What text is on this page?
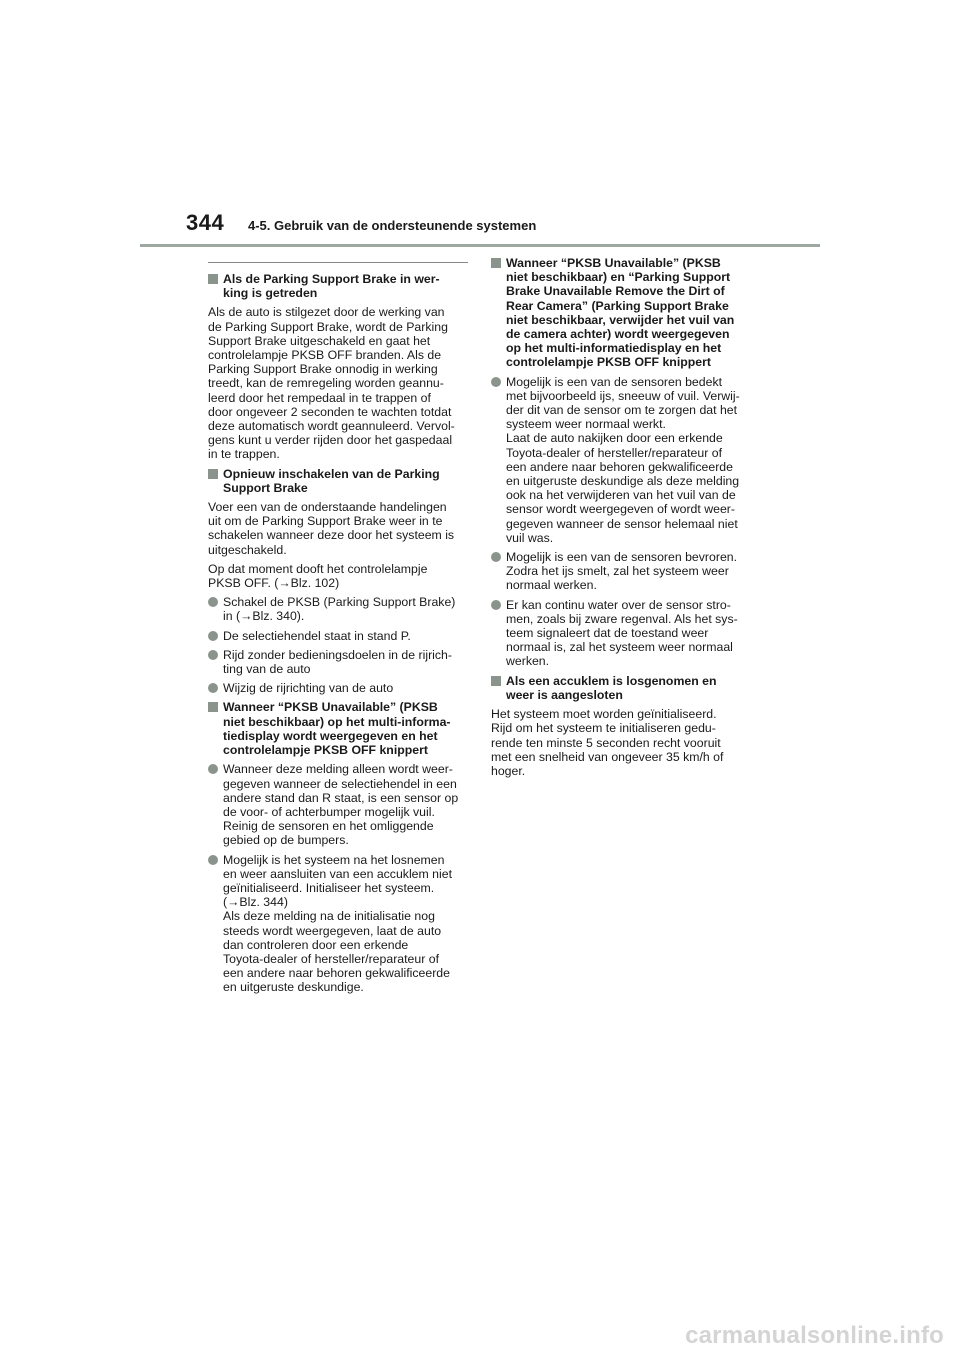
344 4-5. Gebruik van de ondersteunende systemen
Als de Parking Support Brake in wer-
king is getreden
Als de auto is stilgezet door de werking van
de Parking Support Brake, wordt de Parking
Support Brake uitgeschakeld en gaat het
controlelampje PKSB OFF branden. Als de
Parking Support Brake onnodig in werking
treedt, kan de remregeling worden geannu-
leerd door het rempedaal in te trappen of
door ongeveer 2 seconden te wachten totdat
deze automatisch wordt geannuleerd. Vervol-
gens kunt u verder rijden door het gaspedaal
in te trappen.
Opnieuw inschakelen van de Parking
Support Brake
Voer een van de onderstaande handelingen
uit om de Parking Support Brake weer in te
schakelen wanneer deze door het systeem is
uitgeschakeld.
Op dat moment dooft het controlelampje
PKSB OFF. (→Blz. 102)
Schakel de PKSB (Parking Support Brake)
in (→Blz. 340).
De selectiehendel staat in stand P.
Rijd zonder bedieningsdoelen in de rijrich-
ting van de auto
Wijzig de rijrichting van de auto
Wanneer “PKSB Unavailable” (PKSB
niet beschikbaar) op het multi-informa-
tiedisplay wordt weergegeven en het
controlelampje PKSB OFF knippert
Wanneer deze melding alleen wordt weer-
gegeven wanneer de selectiehendel in een
andere stand dan R staat, is een sensor op
de voor- of achterbumper mogelijk vuil.
Reinig de sensoren en het omliggende
gebied op de bumpers.
Mogelijk is het systeem na het losnemen
en weer aansluiten van een accuklem niet
geïnitialiseerd. Initialiseer het systeem.
(→Blz. 344)
Als deze melding na de initialisatie nog
steeds wordt weergegeven, laat de auto
dan controleren door een erkende
Toyota-dealer of hersteller/reparateur of
een andere naar behoren gekwalificeerde
en uitgeruste deskundige.
Wanneer “PKSB Unavailable” (PKSB
niet beschikbaar) en “Parking Support
Brake Unavailable Remove the Dirt of
Rear Camera” (Parking Support Brake
niet beschikbaar, verwijder het vuil van
de camera achter) wordt weergegeven
op het multi-informatiedisplay en het
controlelampje PKSB OFF knippert
Mogelijk is een van de sensoren bedekt
met bijvoorbeeld ijs, sneeuw of vuil. Verwij-
der dit van de sensor om te zorgen dat het
systeem weer normaal werkt.
Laat de auto nakijken door een erkende
Toyota-dealer of hersteller/reparateur of
een andere naar behoren gekwalificeerde
en uitgeruste deskundige als deze melding
ook na het verwijderen van het vuil van de
sensor wordt weergegeven of wordt weer-
gegeven wanneer de sensor helemaal niet
vuil was.
Mogelijk is een van de sensoren bevroren.
Zodra het ijs smelt, zal het systeem weer
normaal werken.
Er kan continu water over de sensor stro-
men, zoals bij zware regenval. Als het sys-
teem signaleert dat de toestand weer
normaal is, zal het systeem weer normaal
werken.
Als een accuklem is losgenomen en
weer is aangesloten
Het systeem moet worden geïnitialiseerd.
Rijd om het systeem te initialiseren gedu-
rende ten minste 5 seconden recht vooruit
met een snelheid van ongeveer 35 km/h of
hoger.
carmanualsonline.info
